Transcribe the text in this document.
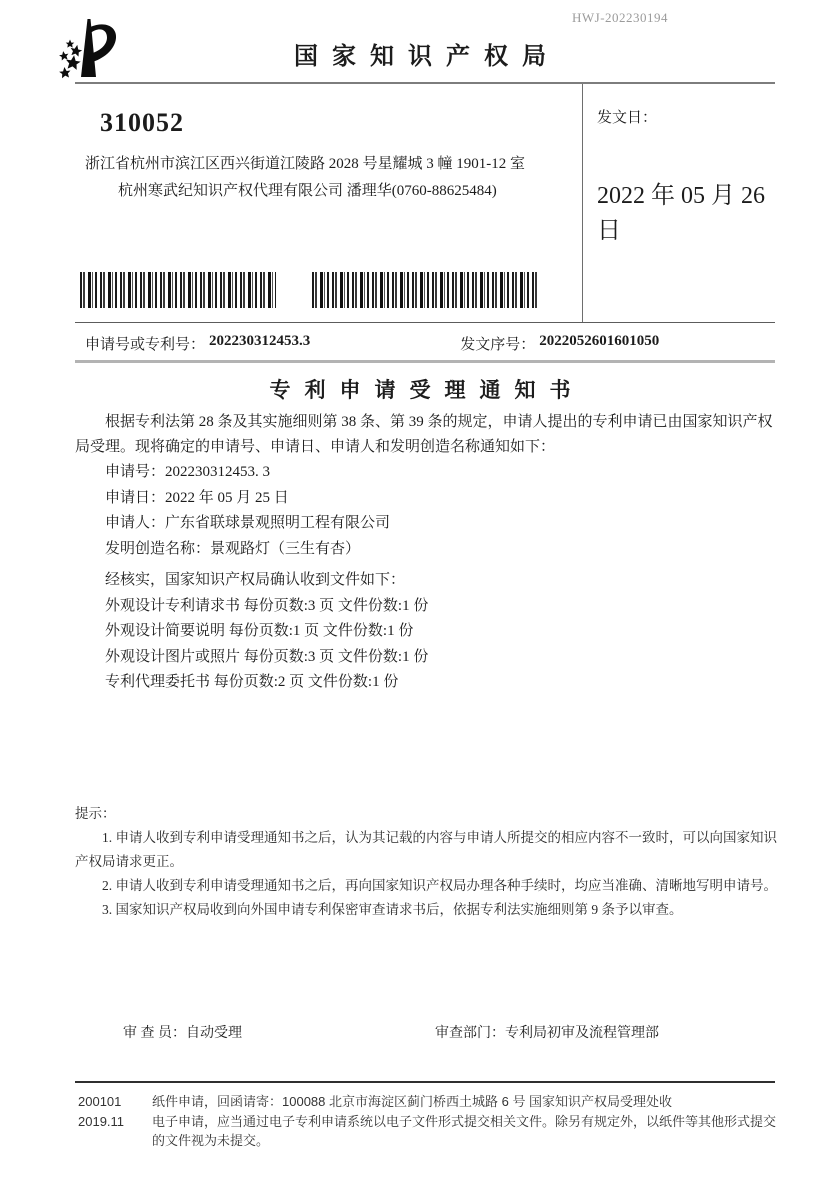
HWJ-202230194
国家知识产权局
310052
浙江省杭州市滨江区西兴街道江陵路 2028 号星耀城 3 幢 1901-12 室
杭州寒武纪知识产权代理有限公司 潘理华(0760-88625484)
发文日：
2022 年 05 月 26 日
申请号或专利号： 202230312453.3	发文序号： 2022052601601050
专利申请受理通知书

根据专利法第 28 条及其实施细则第 38 条、第 39 条的规定，申请人提出的专利申请已由国家知识产权局受理。现将确定的申请号、申请日、申请人和发明创造名称通知如下：

申请号：202230312453. 3
申请日：2022 年 05 月 25 日
申请人：广东省联球景观照明工程有限公司
发明创造名称：景观路灯（三生有杏）
经核实，国家知识产权局确认收到文件如下：
外观设计专利请求书 每份页数:3 页 文件份数:1 份
外观设计简要说明 每份页数:1 页 文件份数:1 份
外观设计图片或照片 每份页数:3 页 文件份数:1 份
专利代理委托书 每份页数:2 页 文件份数:1 份
提示：

1. 申请人收到专利申请受理通知书之后，认为其记载的内容与申请人所提交的相应内容不一致时，可以向国家知识产权局请求更正。

2. 申请人收到专利申请受理通知书之后，再向国家知识产权局办理各种手续时，均应当准确、清晰地写明申请号。

3. 国家知识产权局收到向外国申请专利保密审查请求书后，依据专利法实施细则第 9 条予以审查。

审 查 员：自动受理	审查部门：专利局初审及流程管理部
200101	纸件申请，回函请寄：100088 北京市海淀区蓟门桥西土城路 6 号 国家知识产权局受理处收
2019.11	电子申请，应当通过电子专利申请系统以电子文件形式提交相关文件。除另有规定外，以纸件等其他形式提交的文件视为未提交。
